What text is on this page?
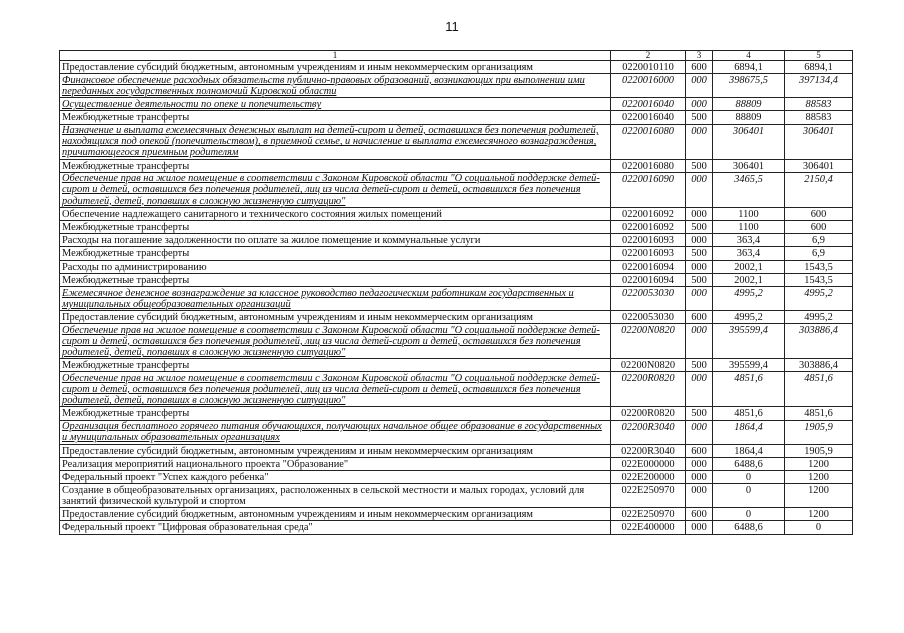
11
1	2	3	4	5
Предоставление субсидий бюджетным, автономным учреждениям и иным некоммерческим организациям	0220010110	600	6894,1	6894,1
Финансовое обеспечение расходных обязательств публично-правовых образований, возникающих при выполнении ими переданных государственных полномочий Кировской области	0220016000	000	398675,5	397134,4
Осуществление деятельности по опеке и попечительству	0220016040	000	88809	88583
Межбюджетные трансферты	0220016040	500	88809	88583
Назначение и выплата ежемесячных денежных выплат на детей-сирот и детей, оставшихся без попечения родителей, находящихся под опекой (попечительством), в приемной семье, и начисление и выплата ежемесячного вознаграждения, причитающегося приемным родителям	0220016080	000	306401	306401
Межбюджетные трансферты	0220016080	500	306401	306401
Обеспечение прав на жилое помещение в соответствии с Законом Кировской области "О социальной поддержке детей-сирот и детей, оставшихся без попечения родителей, лиц из числа детей-сирот и детей, оставшихся без попечения родителей, детей, попавших в сложную жизненную ситуацию"	0220016090	000	3465,5	2150,4
Обеспечение надлежащего санитарного и технического состояния жилых помещений	0220016092	000	1100	600
Межбюджетные трансферты	0220016092	500	1100	600
Расходы на погашение задолженности по оплате за жилое помещение и коммунальные услуги	0220016093	000	363,4	6,9
Межбюджетные трансферты	0220016093	500	363,4	6,9
Расходы по администрированию	0220016094	000	2002,1	1543,5
Межбюджетные трансферты	0220016094	500	2002,1	1543,5
Ежемесячное денежное вознаграждение за классное руководство педагогическим работникам государственных и муниципальных общеобразовательных организаций	0220053030	000	4995,2	4995,2
Предоставление субсидий бюджетным, автономным учреждениям и иным некоммерческим организациям	0220053030	600	4995,2	4995,2
Обеспечение прав на жилое помещение в соответствии с Законом Кировской области "О социальной поддержке детей-сирот и детей, оставшихся без попечения родителей, лиц из числа детей-сирот и детей, оставшихся без попечения родителей, детей, попавших в сложную жизненную ситуацию"	02200N0820	000	395599,4	303886,4
Межбюджетные трансферты	02200N0820	500	395599,4	303886,4
Обеспечение прав на жилое помещение в соответствии с Законом Кировской области "О социальной поддержке детей-сирот и детей, оставшихся без попечения родителей, лиц из числа детей-сирот и детей, оставшихся без попечения родителей, детей, попавших в сложную жизненную ситуацию"	02200R0820	000	4851,6	4851,6
Межбюджетные трансферты	02200R0820	500	4851,6	4851,6
Организация бесплатного горячего питания обучающихся, получающих начальное общее образование в государственных и муниципальных образовательных организациях	02200R3040	000	1864,4	1905,9
Предоставление субсидий бюджетным, автономным учреждениям и иным некоммерческим организациям	02200R3040	600	1864,4	1905,9
Реализация мероприятий национального проекта "Образование"	022E000000	000	6488,6	1200
Федеральный проект "Успех каждого ребенка"	022E200000	000	0	1200
Создание в общеобразовательных организациях, расположенных в сельской местности и малых городах, условий для занятий физической культурой и спортом	022E250970	000	0	1200
Предоставление субсидий бюджетным, автономным учреждениям и иным некоммерческим организациям	022E250970	600	0	1200
Федеральный проект "Цифровая образовательная среда"	022E400000	000	6488,6	0
